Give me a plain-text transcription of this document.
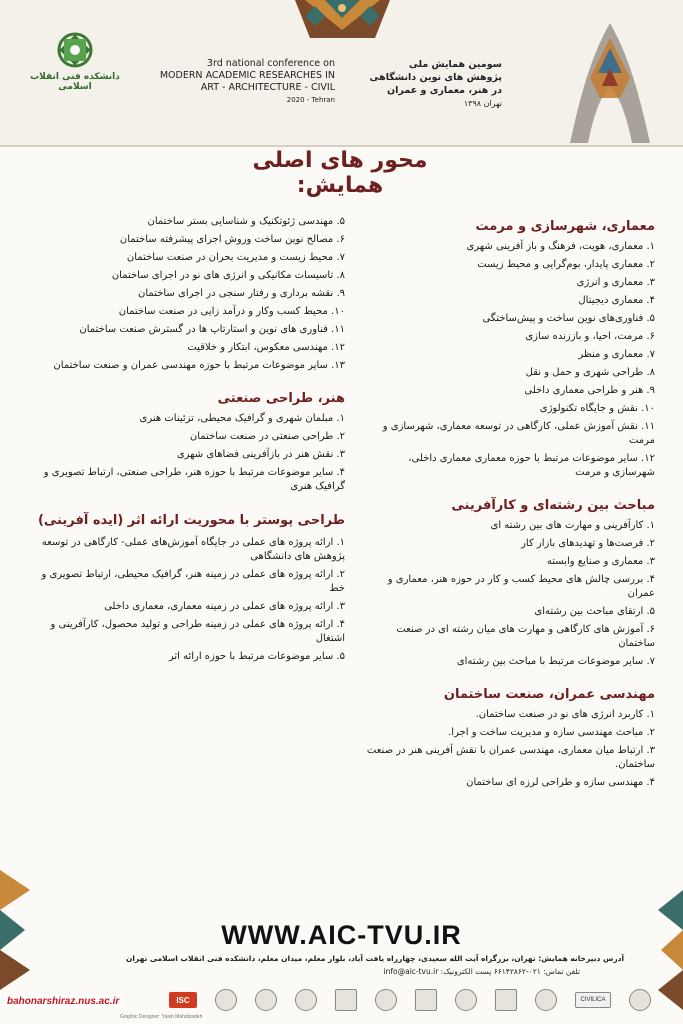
دانشکده فنی انقلاب اسلامی
3rd national conference on
MODERN ACADEMIC RESEARCHES IN
ART - ARCHITECTURE - CIVIL
2020 - Tehran
سومین همایش ملی
پژوهش های نوین دانشگاهی
در هنر، معماری و عمران
تهران ۱۳۹۸
محور های اصلی همایش:
معماری، شهرسازی و مرمت
۱. معماری، هویت، فرهنگ و باز آفرینی شهری
۲. معماری پایدار، بوم‌گرایی و محیط زیست
۳. معماری و انرژی
۴. معماری دیجیتال
۵. فناوری‌های نوین ساخت و پیش‌ساختگی
۶. مرمت، احیا، و باززنده سازی
۷. معماری و منظر
۸. طراحی شهری و حمل و نقل
۹. هنر و طراحی معماری داخلی
۱۰. نقش و جایگاه تکنولوژی
۱۱. نقش آموزش عملی، کارگاهی در توسعه معماری، شهرسازی و مرمت
۱۲. سایر موضوعات مرتبط با حوزه معماری معماری داخلی، شهرسازی و مرمت
مباحث بین رشته‌ای و کارآفرینی
۱. کارآفرینی و مهارت های بین رشته ای
۲. فرصت‌ها و تهدیدهای بازار کار
۳. معماری و صنایع وابسته
۴. بررسی چالش های محیط کسب و کار در حوزه هنر، معماری و عمران
۵. ارتقای مباحث بین رشته‌ای
۶. آموزش های کارگاهی و مهارت های میان رشته ای در صنعت ساختمان
۷. سایر موضوعات مرتبط با مباحث بین رشته‌ای
مهندسی عمران، صنعت ساختمان
۱. کاربرد انرژی های نو در صنعت ساختمان.
۲. مباحث مهندسی سازه و مدیریت ساخت و اجرا.
۳. ارتباط میان معماری، مهندسی عمران با نقش آفرینی هنر در صنعت ساختمان.
۴. مهندسی سازه و طراحی لرزه ای ساختمان
۵. مهندسی ژئوتکنیک و شناسایی بستر ساختمان
۶. مصالح نوین ساخت وروش اجرای پیشرفته ساختمان
۷. محیط زیست و مدیریت بحران در صنعت ساختمان
۸. تاسیسات مکانیکی و انرژی های نو در اجرای ساختمان
۹. نقشه برداری و رفتار سنجی در اجرای ساختمان
۱۰. محیط کسب وکار و درآمد زایی در صنعت ساختمان
۱۱. فناوری های نوین و استارتاپ ها در گسترش صنعت ساختمان
۱۲. مهندسی معکوس، ابتکار و خلاقیت
۱۳. سایر موضوعات مرتبط با حوزه مهندسی عمران و صنعت ساختمان
هنر، طراحی صنعتی
۱. مبلمان شهری و گرافیک محیطی، تزئینات هنری
۲. طراحی صنعتی در صنعت ساختمان
۳. نقش هنر در بازآفرینی فضاهای شهری
۴. سایر موضوعات مرتبط با حوزه هنر، طراحی صنعتی، ارتباط تصویری و گرافیک هنری
طراحی پوستر با محوریت ارائه اثر (ایده آفرینی)
۱. ارائه پروژه های عملی در جایگاه آموزش‌های عملی- کارگاهی در توسعه پژوهش های دانشگاهی
۲. ارائه پروژه های عملی در زمینه هنر، گرافیک محیطی، ارتباط تصویری و خط
۳. ارائه پروژه های عملی در زمینه معماری، معماری داخلی
۴. ارائه پروژه های عملی در زمینه طراحی و تولید محصول، کارآفرینی و اشتغال
۵. سایر موضوعات مرتبط با حوزه ارائه اثر
WWW.AIC-TVU.IR
آدرس دبیرخانه همایش: تهران، بزرگراه آیت الله سعیدی، چهارراه یافت آباد، بلوار معلم، میدان معلم، دانشکده فنی انقلاب اسلامی تهران
تلفن تماس: ۰۲۱-۶۶۱۴۲۸۶۲ پست الکترونیک: info@aic-tvu.ir
ISC	CIVILICA
bahonarshiraz.nus.ac.ir
Graphic Designer: Yasin Mahdizadeh
